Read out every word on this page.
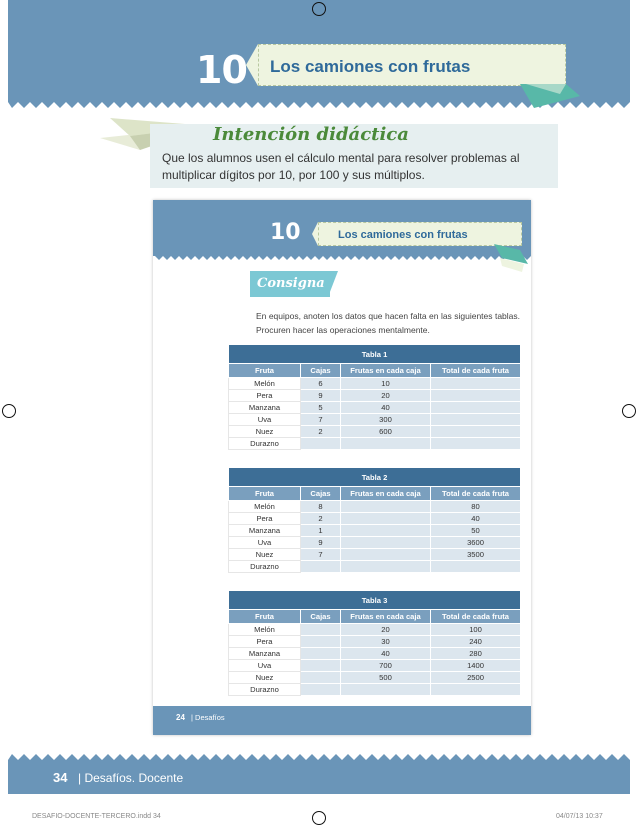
10 Los camiones con frutas
Intención didáctica
Que los alumnos usen el cálculo mental para resolver problemas al multiplicar dígitos por 10, por 100 y sus múltiplos.
10	Los camiones con frutas
Consigna
En equipos, anoten los datos que hacen falta en las siguientes tablas. Procuren hacer las operaciones mentalmente.
Tabla 1			
Fruta	Cajas	Frutas en cada caja	Total de cada fruta
Melón	6	10	
Pera	9	20	
Manzana	5	40	
Uva	7	300	
Nuez	2	600	
Durazno			
Tabla 2			
Fruta	Cajas	Frutas en cada caja	Total de cada fruta
Melón	8		80
Pera	2		40
Manzana	1		50
Uva	9		3600
Nuez	7		3500
Durazno			
Tabla 3			
Fruta	Cajas	Frutas en cada caja	Total de cada fruta
Melón		20	100
Pera		30	240
Manzana		40	280
Uva		700	1400
Nuez		500	2500
Durazno			
24 | Desafíos
34 | Desafíos. Docente
DESAFIO-DOCENTE-TERCERO.indd 34	04/07/13 10:37
